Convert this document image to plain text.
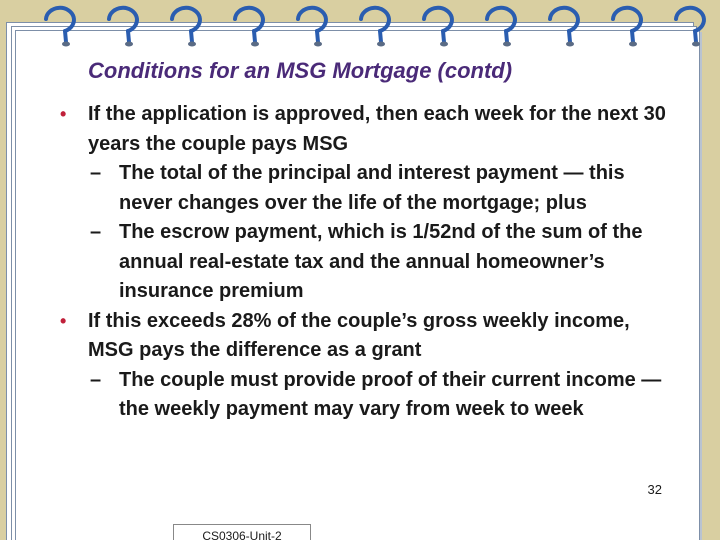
Conditions for an MSG Mortgage (contd)
• If the application is approved, then each week for the next 30 years the couple pays MSG
– The total of the principal and interest payment — this never changes over the life of the mortgage; plus
– The escrow payment, which is 1/52nd of the sum of the annual real-estate tax and the annual homeowner’s insurance premium
• If this exceeds 28% of the couple’s gross weekly income, MSG pays the difference as a grant
– The couple must provide proof of their current income — the weekly payment may vary from week to week
32
CS0306-Unit-2
